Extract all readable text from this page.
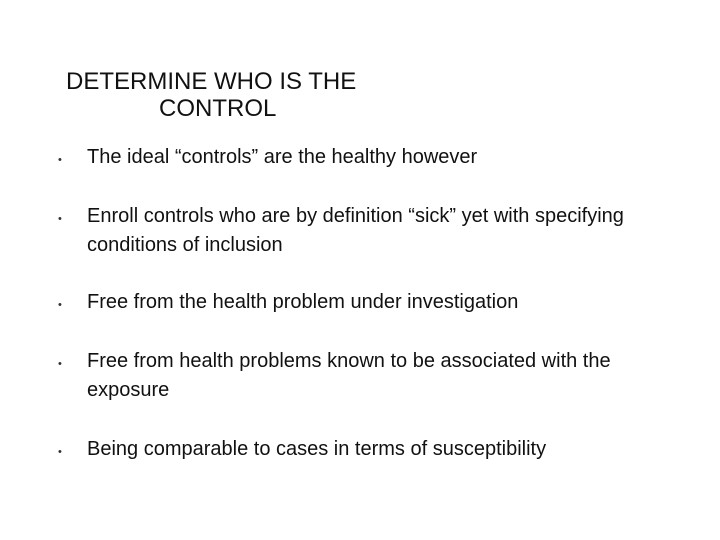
DETERMINE WHO IS THE
CONTROL
• The ideal “controls” are the healthy however
• Enroll controls who are by definition “sick” yet with specifying conditions of inclusion
• Free from the health problem under investigation
• Free from health problems known to be associated with the exposure
• Being comparable to cases in terms of susceptibility
